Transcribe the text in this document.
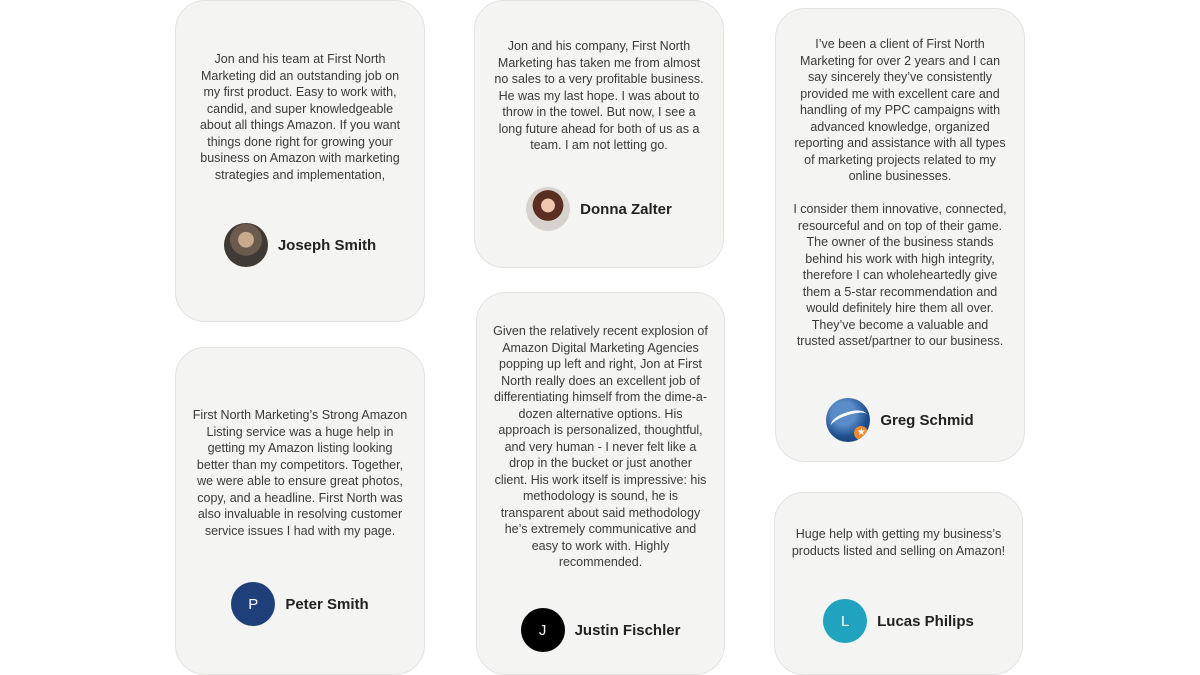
Jon and his team at First North Marketing did an outstanding job on my first product. Easy to work with, candid, and super knowledgeable about all things Amazon. If you want things done right for growing your business on Amazon with marketing strategies and implementation,
Joseph Smith
Jon and his company, First North Marketing has taken me from almost no sales to a very profitable business. He was my last hope. I was about to throw in the towel. But now, I see a long future ahead for both of us as a team. I am not letting go.
Donna Zalter
I’ve been a client of First North Marketing for over 2 years and I can say sincerely they’ve consistently provided me with excellent care and handling of my PPC campaigns with advanced knowledge, organized reporting and assistance with all types of marketing projects related to my online businesses.

I consider them innovative, connected, resourceful and on top of their game. The owner of the business stands behind his work with high integrity, therefore I can wholeheartedly give them a 5-star recommendation and would definitely hire them all over. They’ve become a valuable and trusted asset/partner to our business.
★
Greg Schmid
First North Marketing’s Strong Amazon Listing service was a huge help in getting my Amazon listing looking better than my competitors. Together, we were able to ensure great photos, copy, and a headline. First North was also invaluable in resolving customer service issues I had with my page.
P Peter Smith
Given the relatively recent explosion of Amazon Digital Marketing Agencies popping up left and right, Jon at First North really does an excellent job of differentiating himself from the dime-a-dozen alternative options. His approach is personalized, thoughtful, and very human - I never felt like a drop in the bucket or just another client. His work itself is impressive: his methodology is sound, he is transparent about said methodology he’s extremely communicative and easy to work with. Highly recommended.
J Justin Fischler
Huge help with getting my business’s products listed and selling on Amazon!
L Lucas Philips
